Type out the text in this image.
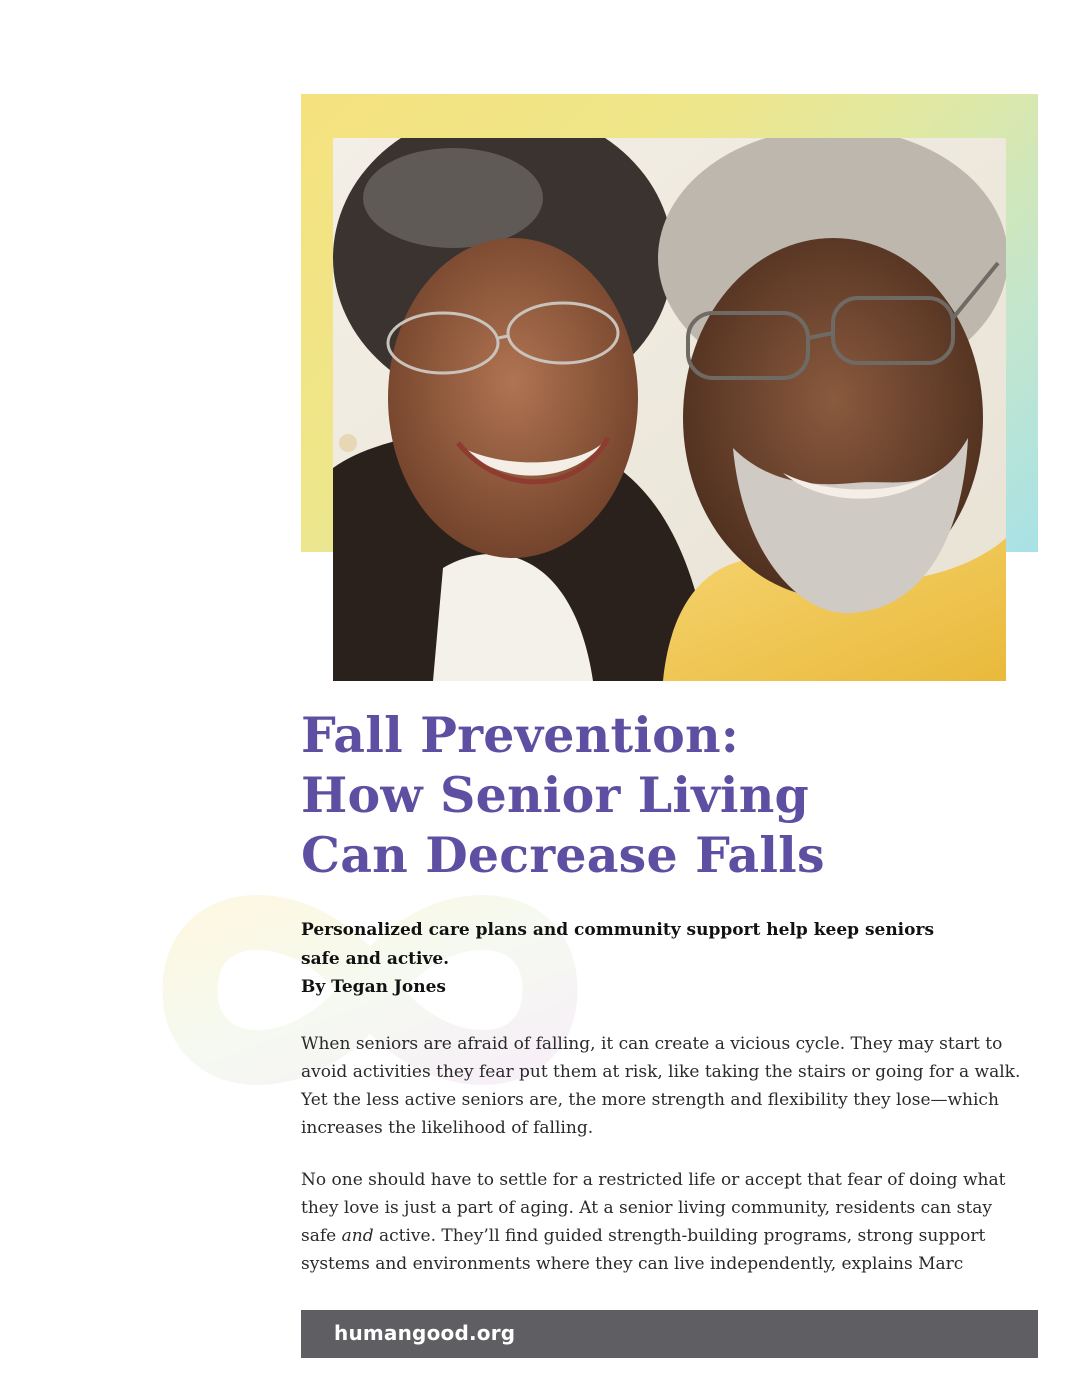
Fall Prevention:
How Senior Living
Can Decrease Falls
Personalized care plans and community support help keep seniors
safe and active.
By Tegan Jones
When seniors are afraid of falling, it can create a vicious cycle. They may start to
avoid activities they fear put them at risk, like taking the stairs or going for a walk.
Yet the less active seniors are, the more strength and flexibility they lose—which
increases the likelihood of falling.
No one should have to settle for a restricted life or accept that fear of doing what
they love is just a part of aging. At a senior living community, residents can stay
safe and active. They’ll find guided strength-building programs, strong support
systems and environments where they can live independently, explains Marc
humangood.org
